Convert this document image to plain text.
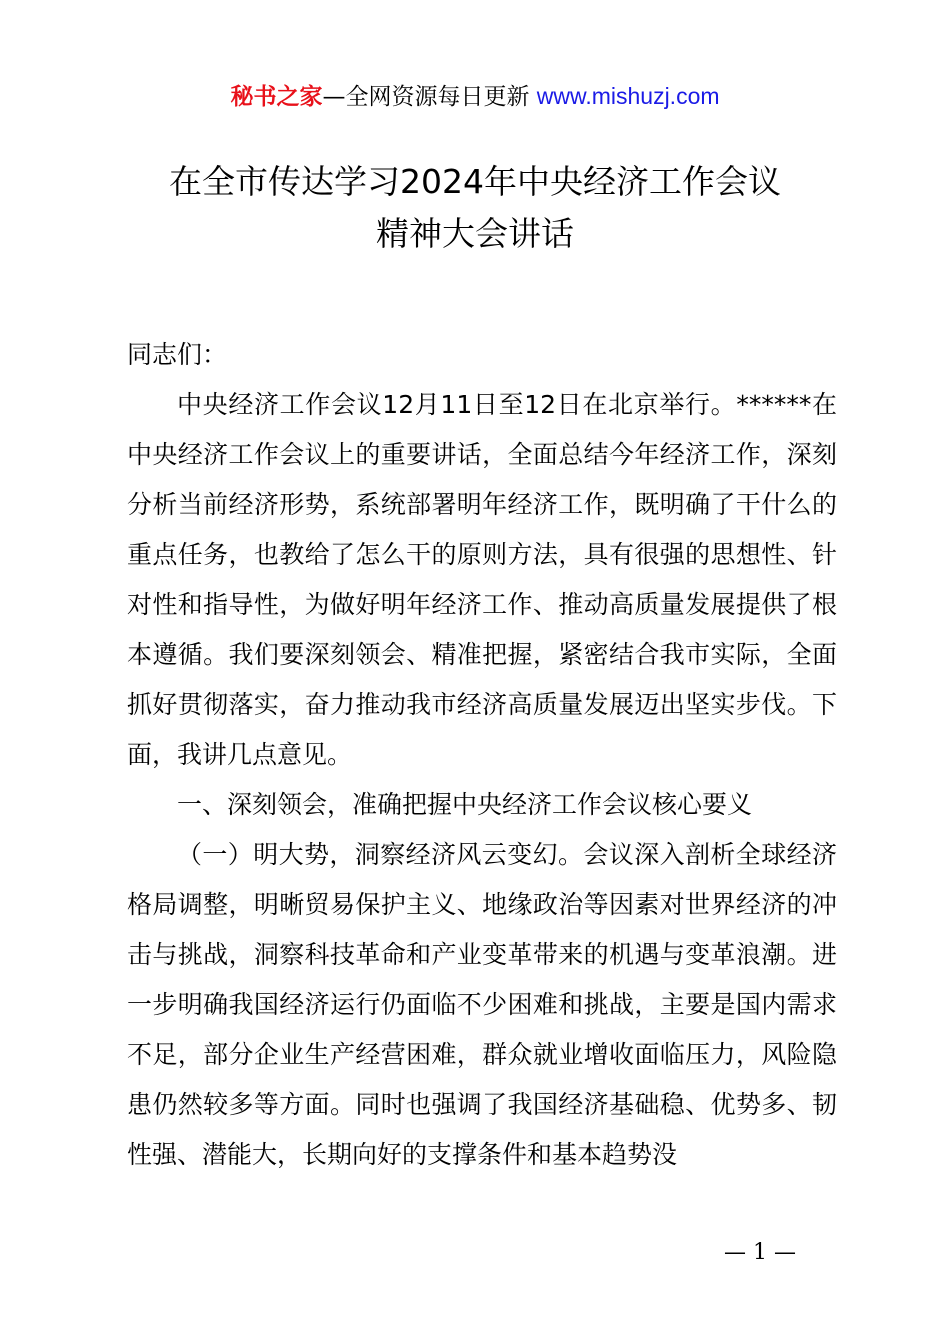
秘书之家—全网资源每日更新 www.mishuzj.com
在全市传达学习2024年中央经济工作会议
精神大会讲话

同志们：

中央经济工作会议12月11日至12日在北京举行。******在中央经济工作会议上的重要讲话，全面总结今年经济工作，深刻分析当前经济形势，系统部署明年经济工作，既明确了干什么的重点任务，也教给了怎么干的原则方法，具有很强的思想性、针对性和指导性，为做好明年经济工作、推动高质量发展提供了根本遵循。我们要深刻领会、精准把握，紧密结合我市实际，全面抓好贯彻落实，奋力推动我市经济高质量发展迈出坚实步伐。下面，我讲几点意见。

一、深刻领会，准确把握中央经济工作会议核心要义

（一）明大势，洞察经济风云变幻。会议深入剖析全球经济格局调整，明晰贸易保护主义、地缘政治等因素对世界经济的冲击与挑战，洞察科技革命和产业变革带来的机遇与变革浪潮。进一步明确我国经济运行仍面临不少困难和挑战，主要是国内需求不足，部分企业生产经营困难，群众就业增收面临压力，风险隐患仍然较多等方面。同时也强调了我国经济基础稳、优势多、韧性强、潜能大，长期向好的支撑条件和基本趋势没

— 1 —
